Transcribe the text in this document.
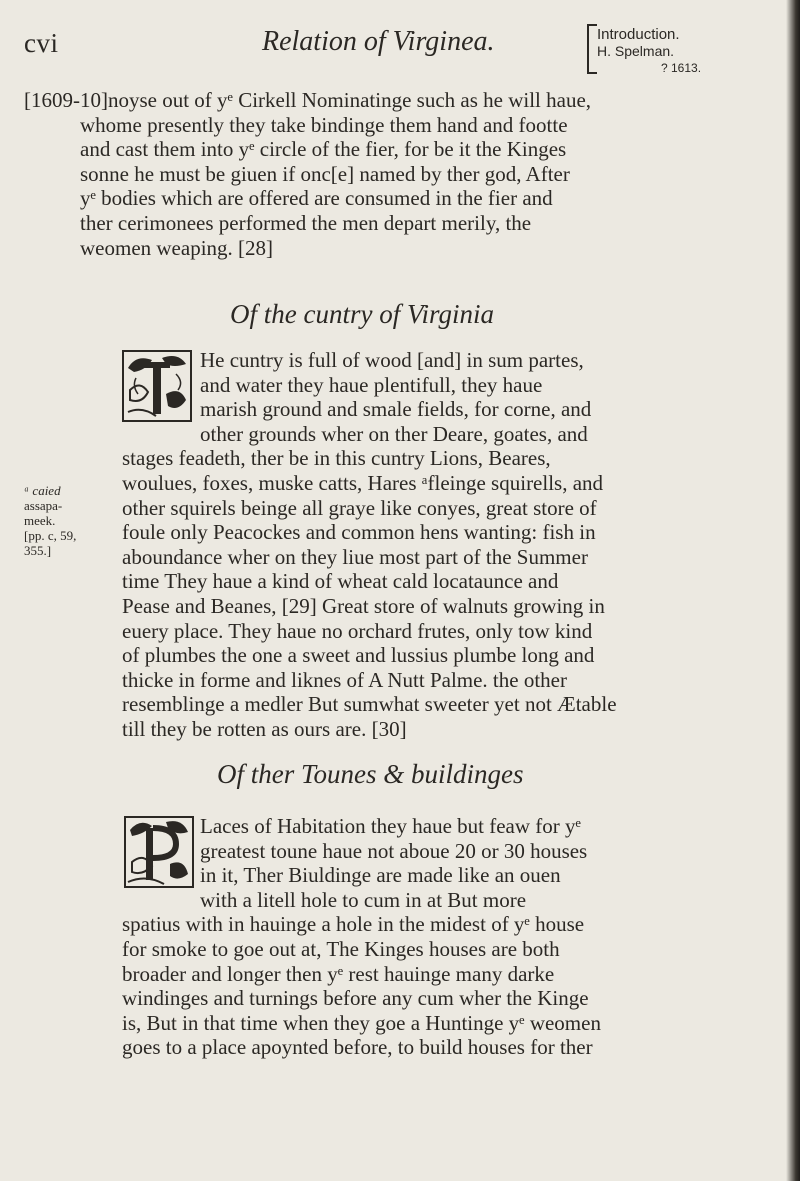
cvi	Relation of Virginea.	Introduction.
H. Spelman.
? 1613.
[1609-10]noyse out of yᵉ Cirkell Nominatinge such as he will haue,
whome presently they take bindinge them hand and footte
and cast them into yᵉ circle of the fier, for be it the Kinges
sonne he must be giuen if onc[e] named by ther god, After
yᵉ bodies which are offered are consumed in the fier and
ther cerimonees performed the men depart merily, the
weomen weaping. [28]
Of the cuntry of Virginia
He cuntry is full of wood [and] in sum partes,
and water they haue plentifull, they haue
marish ground and smale fields, for corne, and
other grounds wher on ther Deare, goates, and
stages feadeth, ther be in this cuntry Lions, Beares,
woulues, foxes, muske catts, Hares ᵃfleinge squirells, and
other squirels beinge all graye like conyes, great store of
foule only Peacockes and common hens wanting: fish in
aboundance wher on they liue most part of the Summer
time They haue a kind of wheat cald locataunce and
Pease and Beanes, [29] Great store of walnuts growing in
euery place. They haue no orchard frutes, only tow kind
of plumbes the one a sweet and lussius plumbe long and
thicke in forme and liknes of A Nutt Palme. the other
resemblinge a medler But sumwhat sweeter yet not Ætable
till they be rotten as ours are. [30]
ᵃ caied
assapa-
meek.
[pp. c, 59,
355.]
Of ther Tounes & buildinges
Laces of Habitation they haue but feaw for yᵉ
greatest toune haue not aboue 20 or 30 houses
in it, Ther Biuldinge are made like an ouen
with a litell hole to cum in at But more
spatius with in hauinge a hole in the midest of yᵉ house
for smoke to goe out at, The Kinges houses are both
broader and longer then yᵉ rest hauinge many darke
windinges and turnings before any cum wher the Kinge
is, But in that time when they goe a Huntinge yᵉ weomen
goes to a place apoynted before, to build houses for ther
